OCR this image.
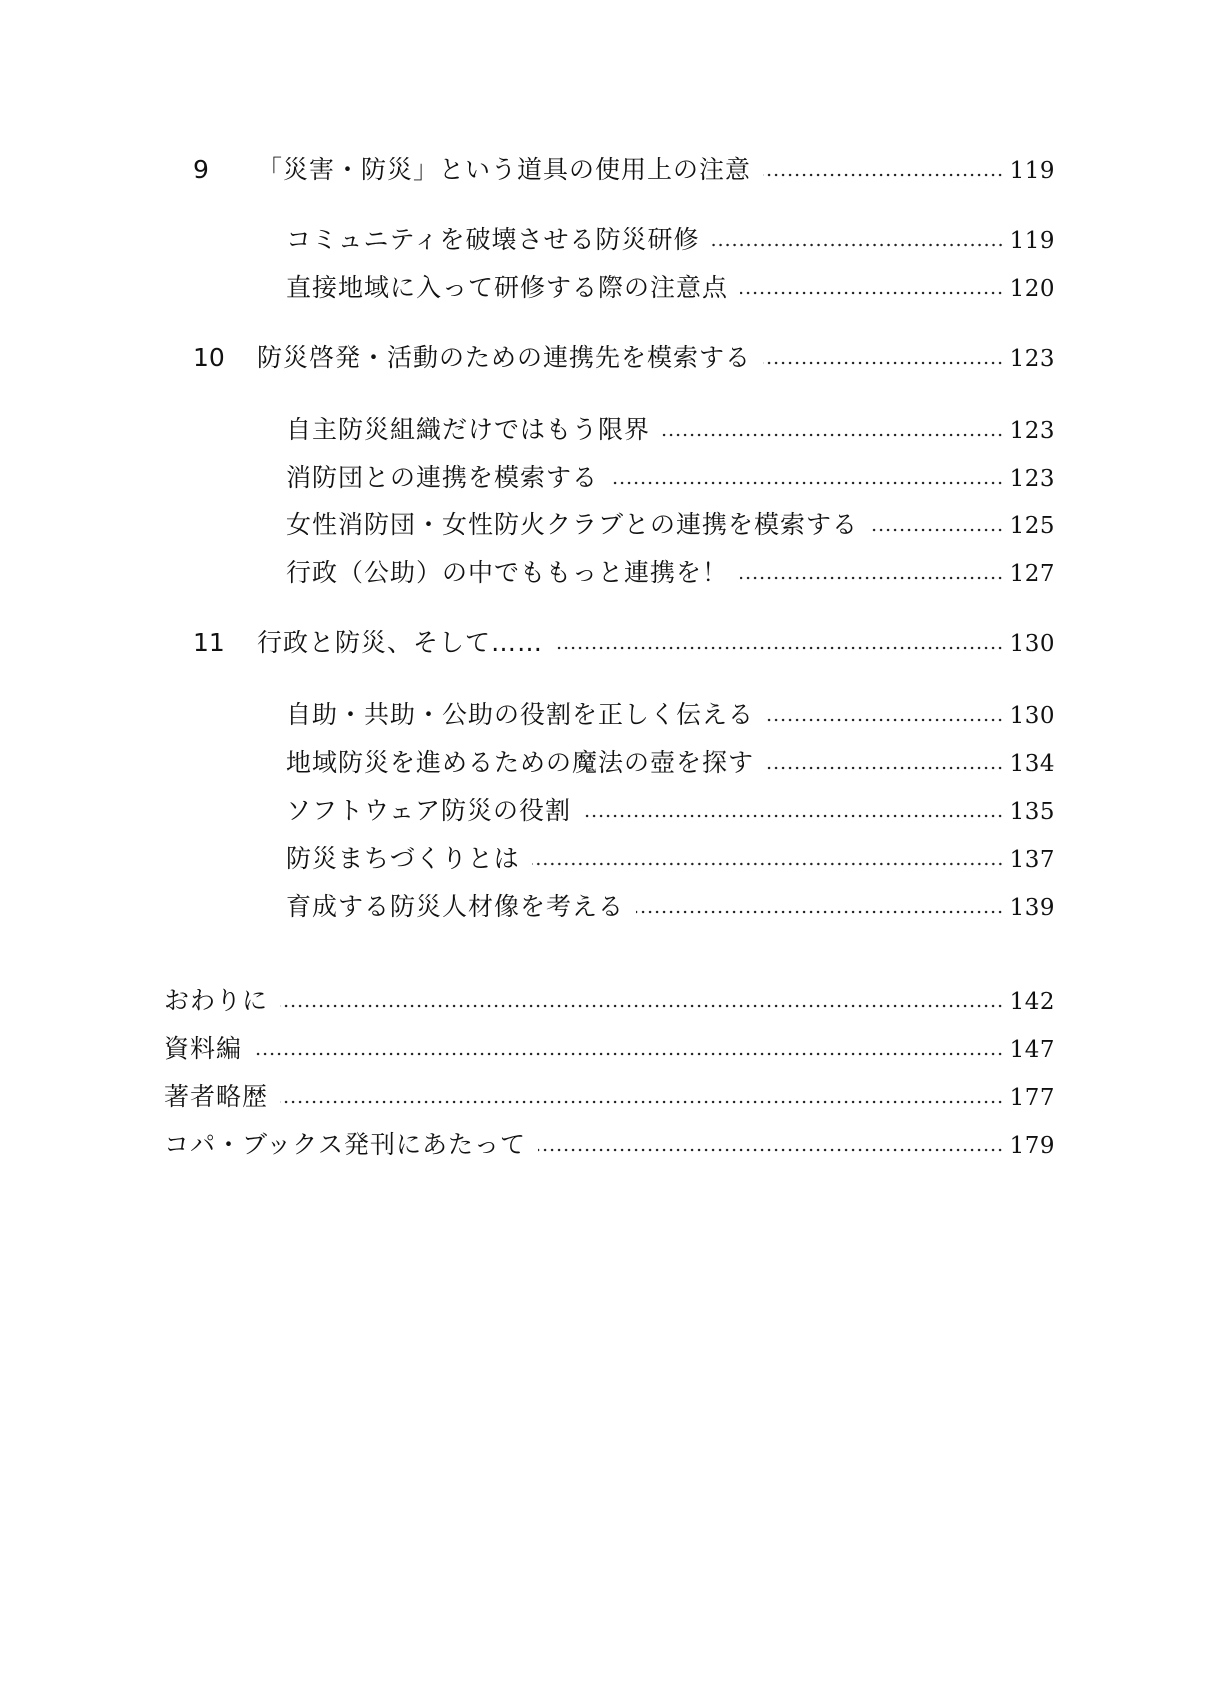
9	「災害・防災」という道具の使用上の注意	119
コミュニティを破壊させる防災研修	119
直接地域に入って研修する際の注意点	120
10	防災啓発・活動のための連携先を模索する	123
自主防災組織だけではもう限界	123
消防団との連携を模索する	123
女性消防団・女性防火クラブとの連携を模索する	125
行政（公助）の中でももっと連携を！	127
11	行政と防災、そして……	130
自助・共助・公助の役割を正しく伝える	130
地域防災を進めるための魔法の壺を探す	134
ソフトウェア防災の役割	135
防災まちづくりとは	137
育成する防災人材像を考える	139
おわりに	142
資料編	147
著者略歴	177
コパ・ブックス発刊にあたって	179
